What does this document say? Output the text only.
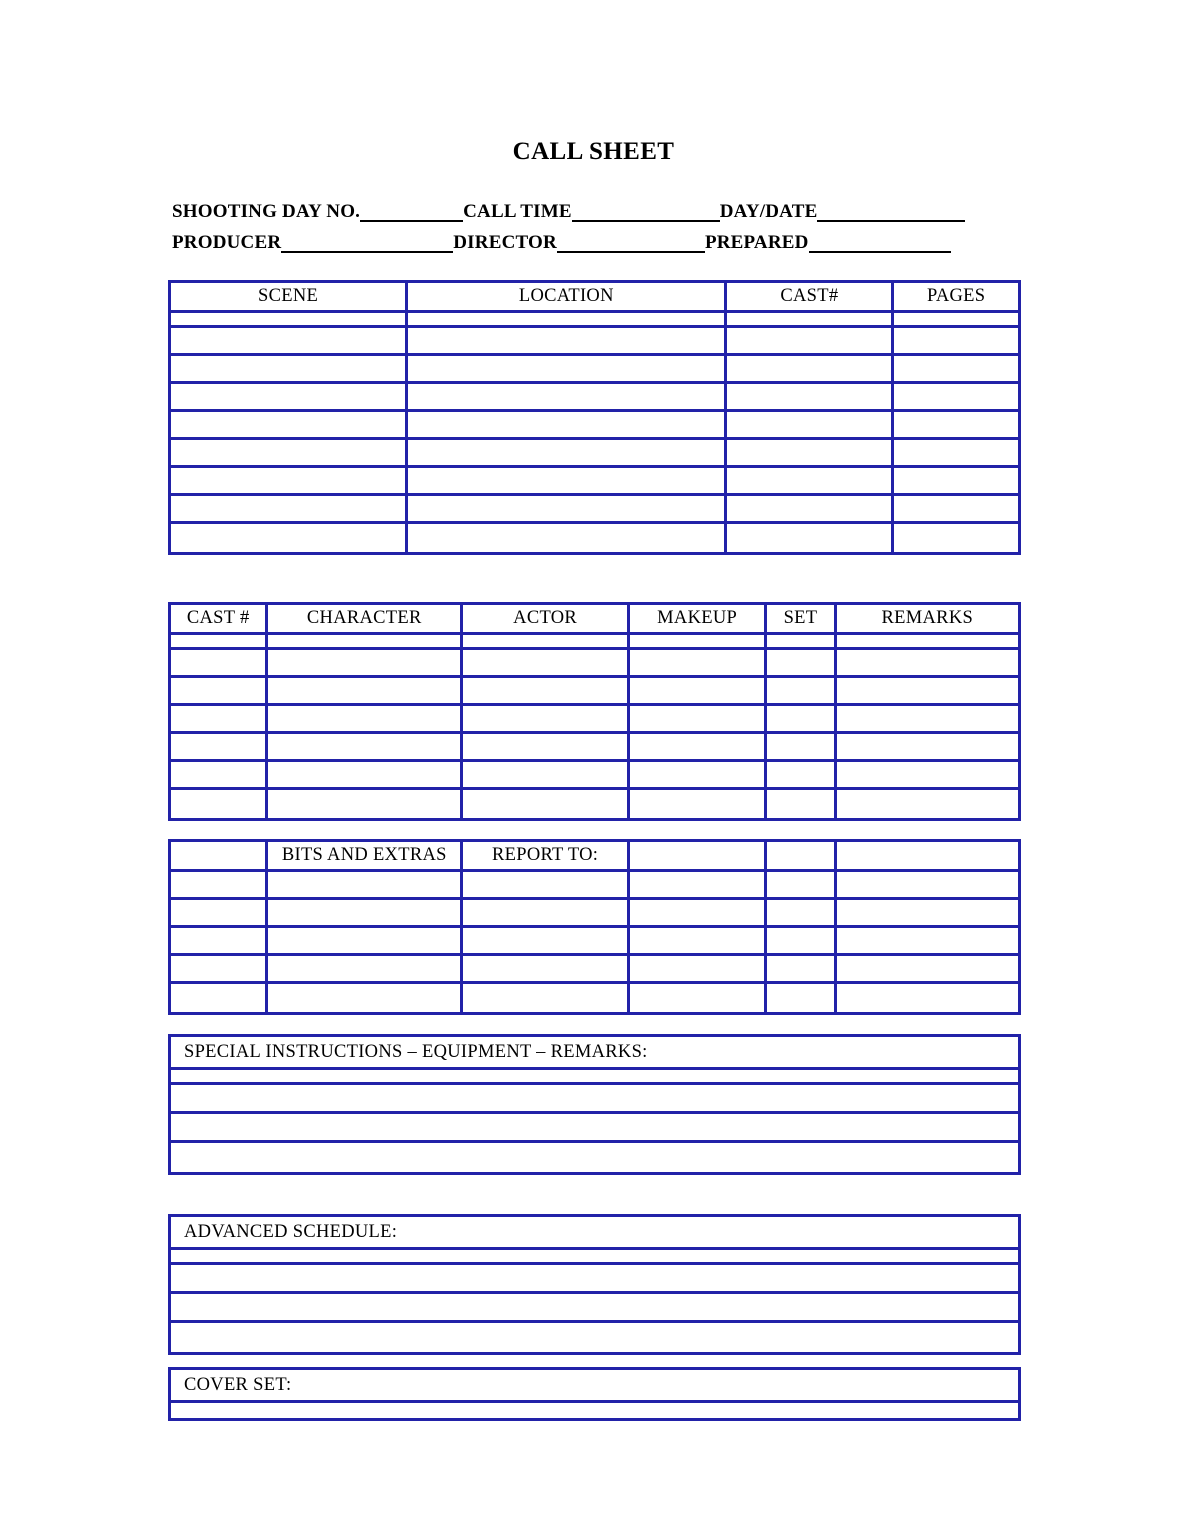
CALL SHEET
SHOOTING DAY NO.	CALL TIME	DAY/DATE
PRODUCER	DIRECTOR	PREPARED
SCENE	LOCATION	CAST#	PAGES
CAST #	CHARACTER	ACTOR	MAKEUP	SET	REMARKS
BITS AND EXTRAS	REPORT TO:
SPECIAL INSTRUCTIONS – EQUIPMENT – REMARKS:
ADVANCED SCHEDULE:
COVER SET:
